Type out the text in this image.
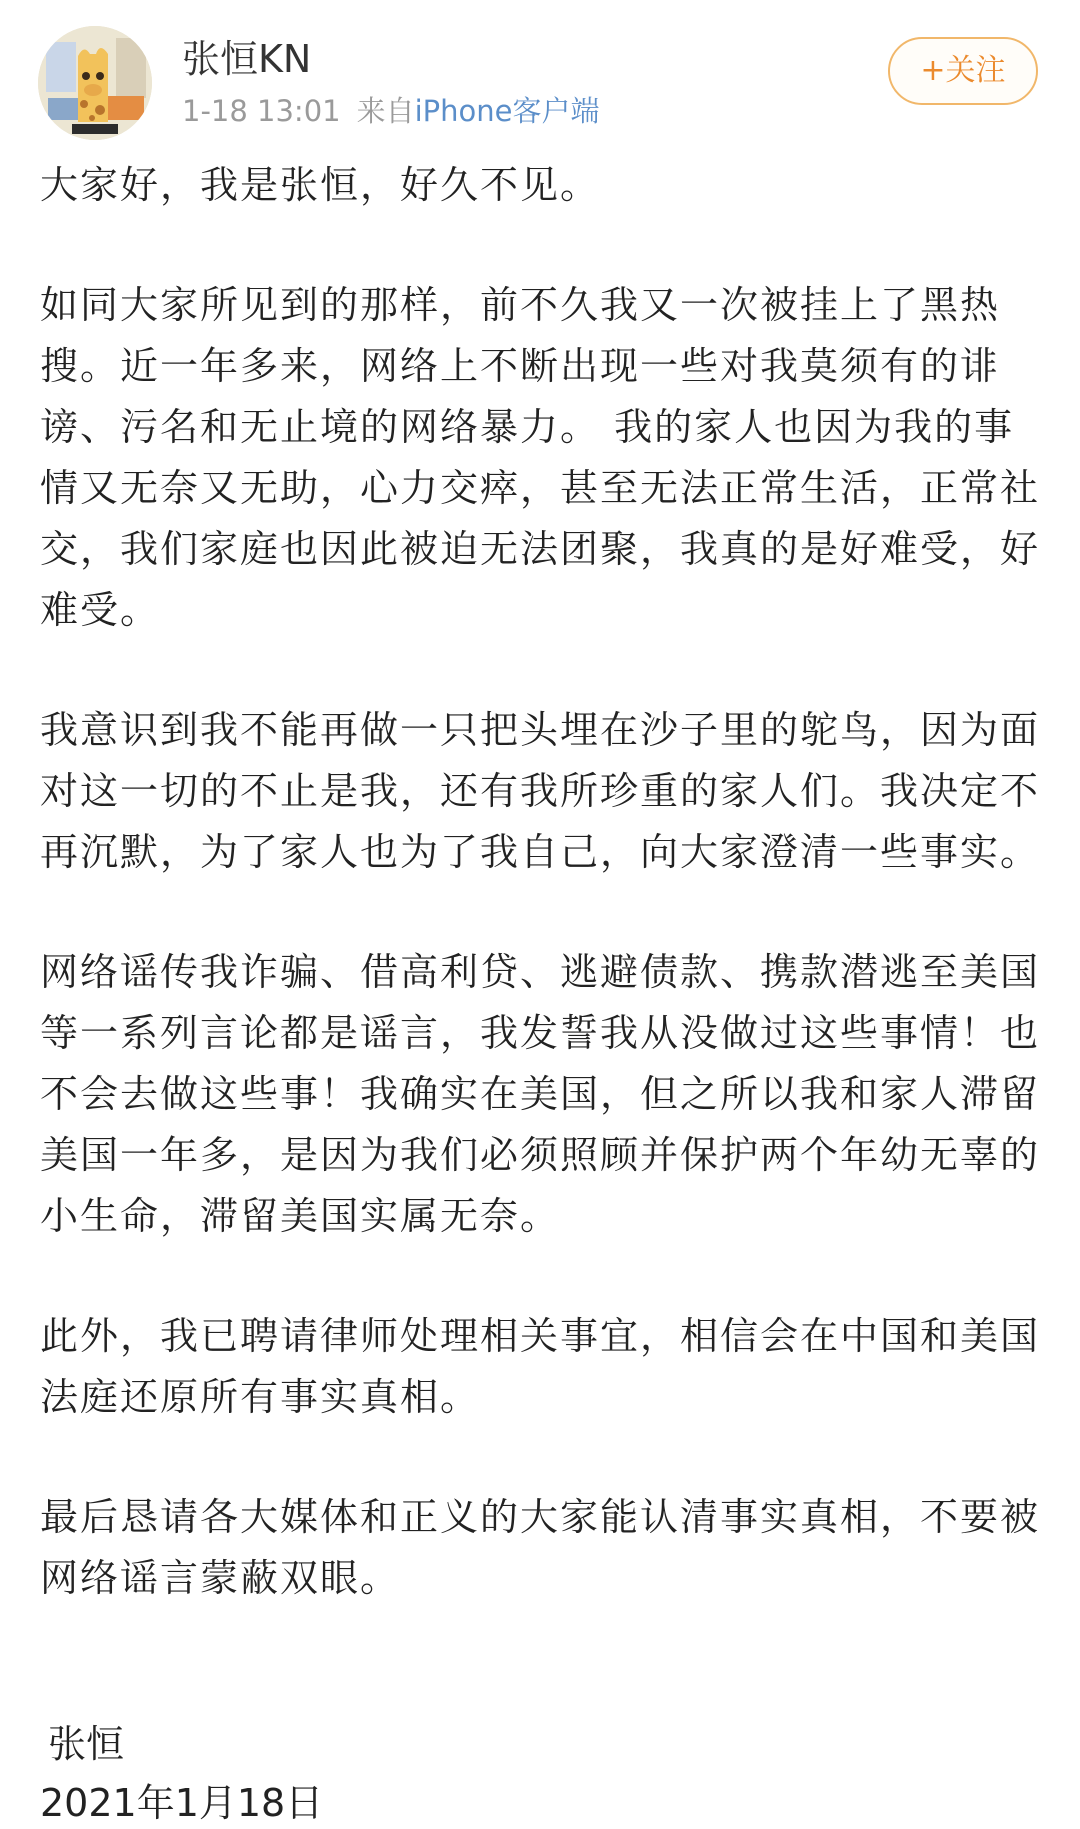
张恒KN
1-18 13:01 来自iPhone客户端
+关注

大家好，我是张恒，好久不见。

如同大家所见到的那样，前不久我又一次被挂上了黑热搜。近一年多来，网络上不断出现一些对我莫须有的诽谤、污名和无止境的网络暴力。 我的家人也因为我的事情又无奈又无助，心力交瘁，甚至无法正常生活，正常社交，我们家庭也因此被迫无法团聚，我真的是好难受，好难受。

我意识到我不能再做一只把头埋在沙子里的鸵鸟，因为面对这一切的不止是我，还有我所珍重的家人们。我决定不再沉默，为了家人也为了我自己，向大家澄清一些事实。

网络谣传我诈骗、借高利贷、逃避债款、携款潜逃至美国等一系列言论都是谣言，我发誓我从没做过这些事情！也不会去做这些事！我确实在美国，但之所以我和家人滞留美国一年多，是因为我们必须照顾并保护两个年幼无辜的小生命，滞留美国实属无奈。

此外，我已聘请律师处理相关事宜，相信会在中国和美国法庭还原所有事实真相。

最后恳请各大媒体和正义的大家能认清事实真相，不要被网络谣言蒙蔽双眼。

张恒
2021年1月18日
